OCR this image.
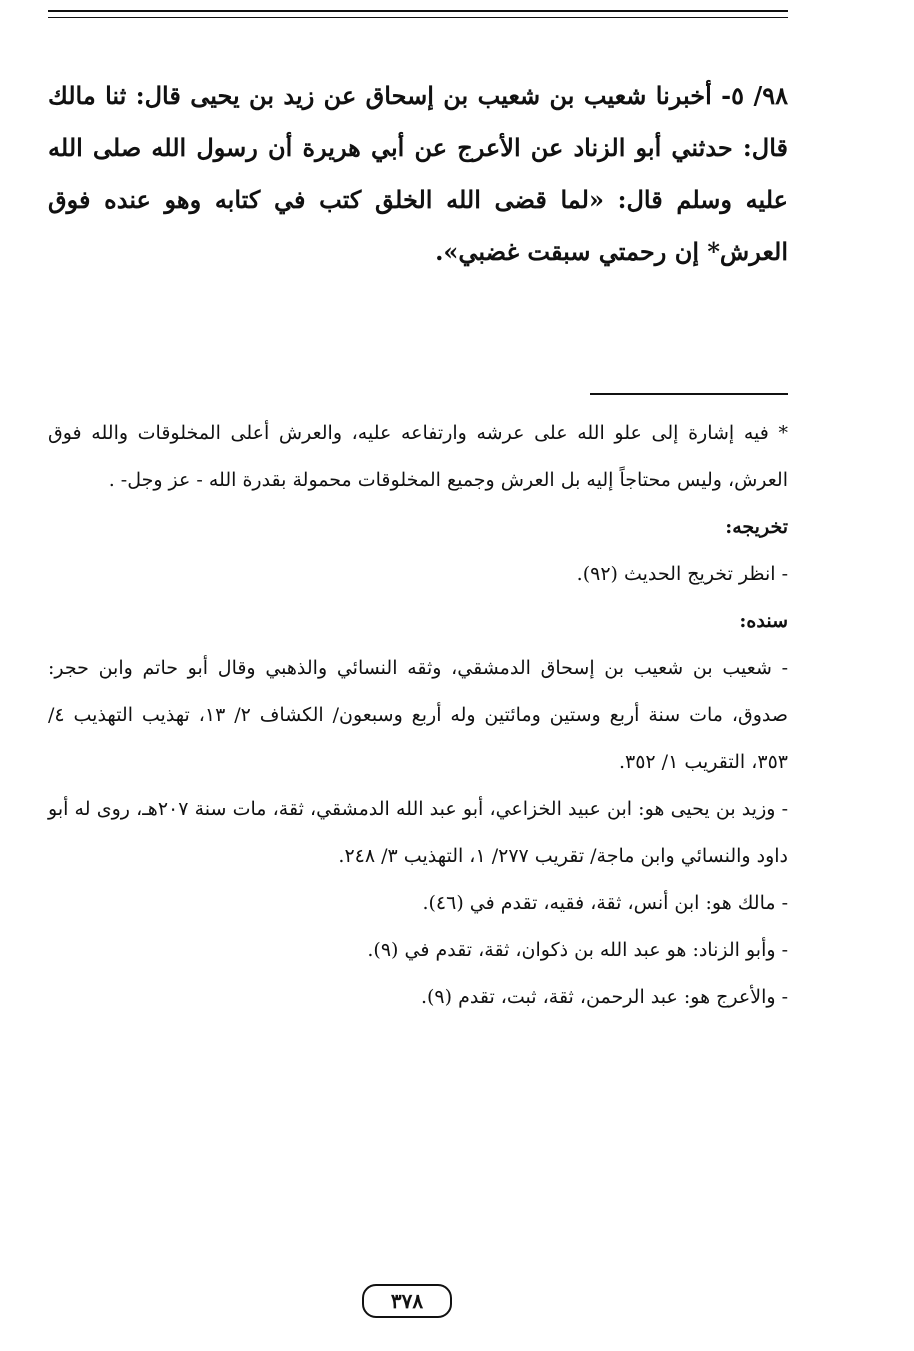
٩٨/ ٥- أخبرنا شعيب بن شعيب بن إسحاق عن زيد بن يحيى قال: ثنا مالك قال: حدثني أبو الزناد عن الأعرج عن أبي هريرة أن رسول الله صلى الله عليه وسلم قال: «لما قضى الله الخلق كتب في كتابه وهو عنده فوق العرش* إن رحمتي سبقت غضبي».

* فيه إشارة إلى علو الله على عرشه وارتفاعه عليه، والعرش أعلى المخلوقات والله فوق العرش، وليس محتاجاً إليه بل العرش وجميع المخلوقات محمولة بقدرة الله - عز وجل- .

تخريجه:

- انظر تخريج الحديث (٩٢).

سنده:

- شعيب بن شعيب بن إسحاق الدمشقي، وثقه النسائي والذهبي وقال أبو حاتم وابن حجر: صدوق، مات سنة أربع وستين ومائتين وله أربع وسبعون/ الكشاف ٢/ ١٣، تهذيب التهذيب ٤/ ٣٥٣، التقريب ١/ ٣٥٢.

- وزيد بن يحيى هو: ابن عبيد الخزاعي، أبو عبد الله الدمشقي، ثقة، مات سنة ٢٠٧هـ، روى له أبو داود والنسائي وابن ماجة/ تقريب ٢٧٧/ ١، التهذيب ٣/ ٢٤٨.

- مالك هو: ابن أنس، ثقة، فقيه، تقدم في (٤٦).

- وأبو الزناد: هو عبد الله بن ذكوان، ثقة، تقدم في (٩).

- والأعرج هو: عبد الرحمن، ثقة، ثبت، تقدم (٩).

٣٧٨
